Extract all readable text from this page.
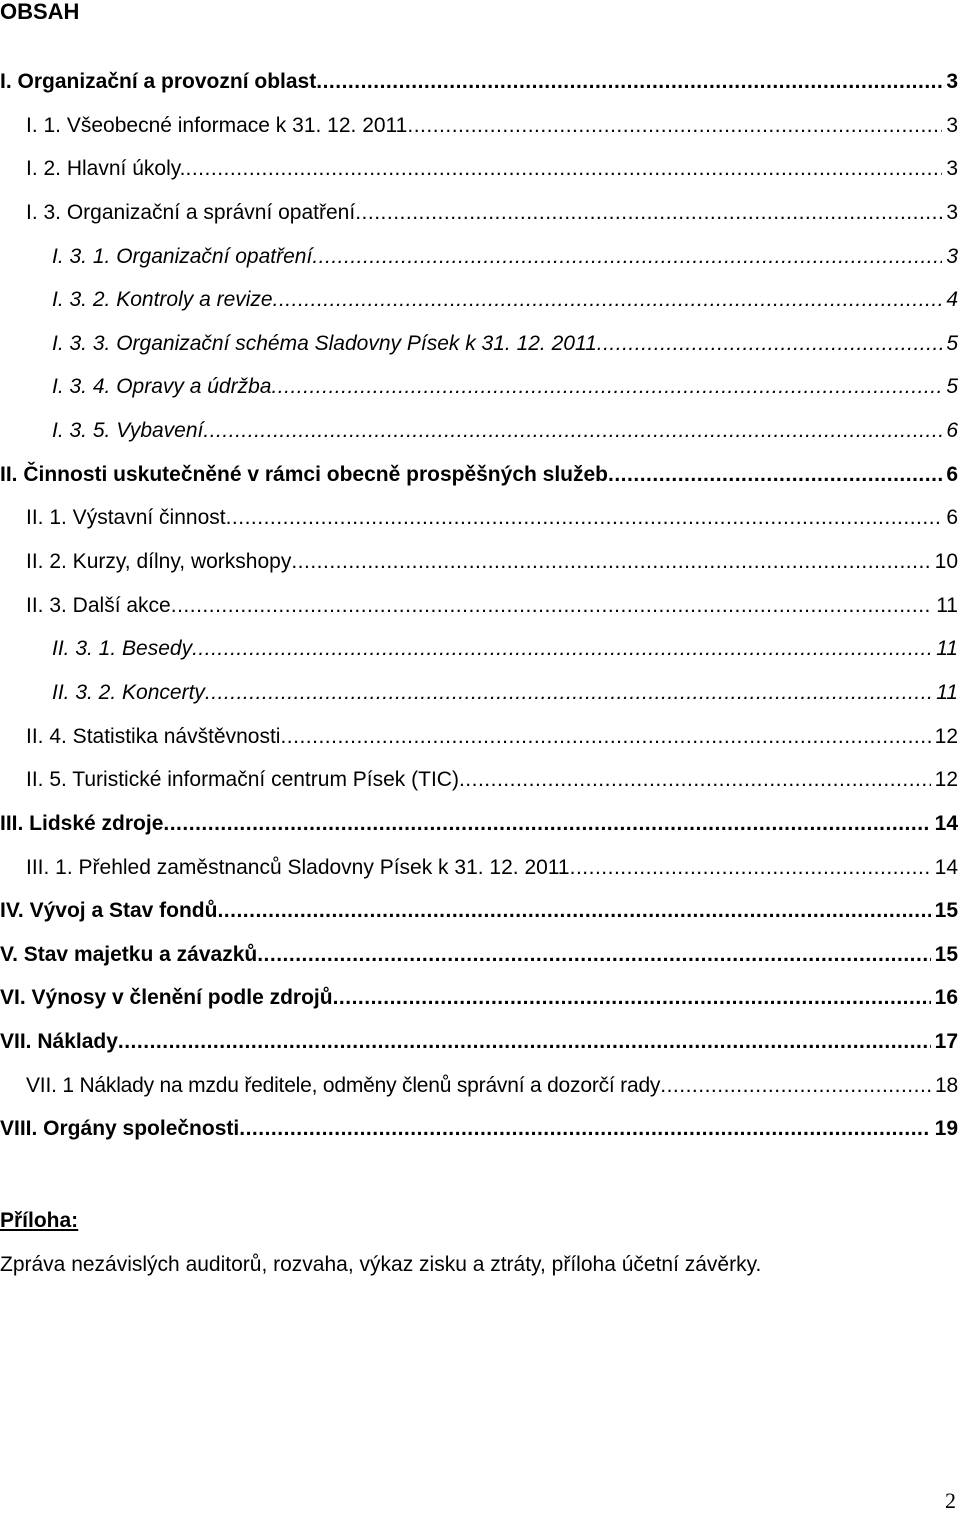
OBSAH
I. Organizační a provozní oblast .....	3
I. 1. Všeobecné informace k 31. 12. 2011 .....	3
I. 2. Hlavní úkoly. .....	3
I. 3. Organizační a správní opatření .....	3
I. 3. 1. Organizační opatření .....	3
I. 3. 2. Kontroly a revize .....	4
I. 3. 3. Organizační schéma Sladovny Písek k 31. 12. 2011 .....	5
I. 3. 4. Opravy a údržba .....	5
I. 3. 5. Vybavení .....	6
II. Činnosti uskutečněné v rámci obecně prospěšných služeb .....	6
II. 1. Výstavní činnost .....	6
II. 2. Kurzy, dílny, workshopy .....	10
II. 3. Další akce .....	11
II. 3. 1. Besedy .....	11
II. 3. 2. Koncerty .....	11
II. 4. Statistika návštěvnosti .....	12
II. 5. Turistické informační centrum Písek (TIC) .....	12
III. Lidské zdroje .....	14
III. 1. Přehled zaměstnanců Sladovny Písek k 31. 12. 2011 .....	14
IV. Vývoj a Stav fondů .....	15
V. Stav majetku a závazků .....	15
VI. Výnosy v členění podle zdrojů .....	16
VII. Náklady .....	17
VII. 1 Náklady na mzdu ředitele, odměny členů správní a dozorčí rady .....	18
VIII. Orgány společnosti .....	19
Příloha:
Zpráva nezávislých auditorů, rozvaha, výkaz zisku a ztráty, příloha účetní závěrky.
2
